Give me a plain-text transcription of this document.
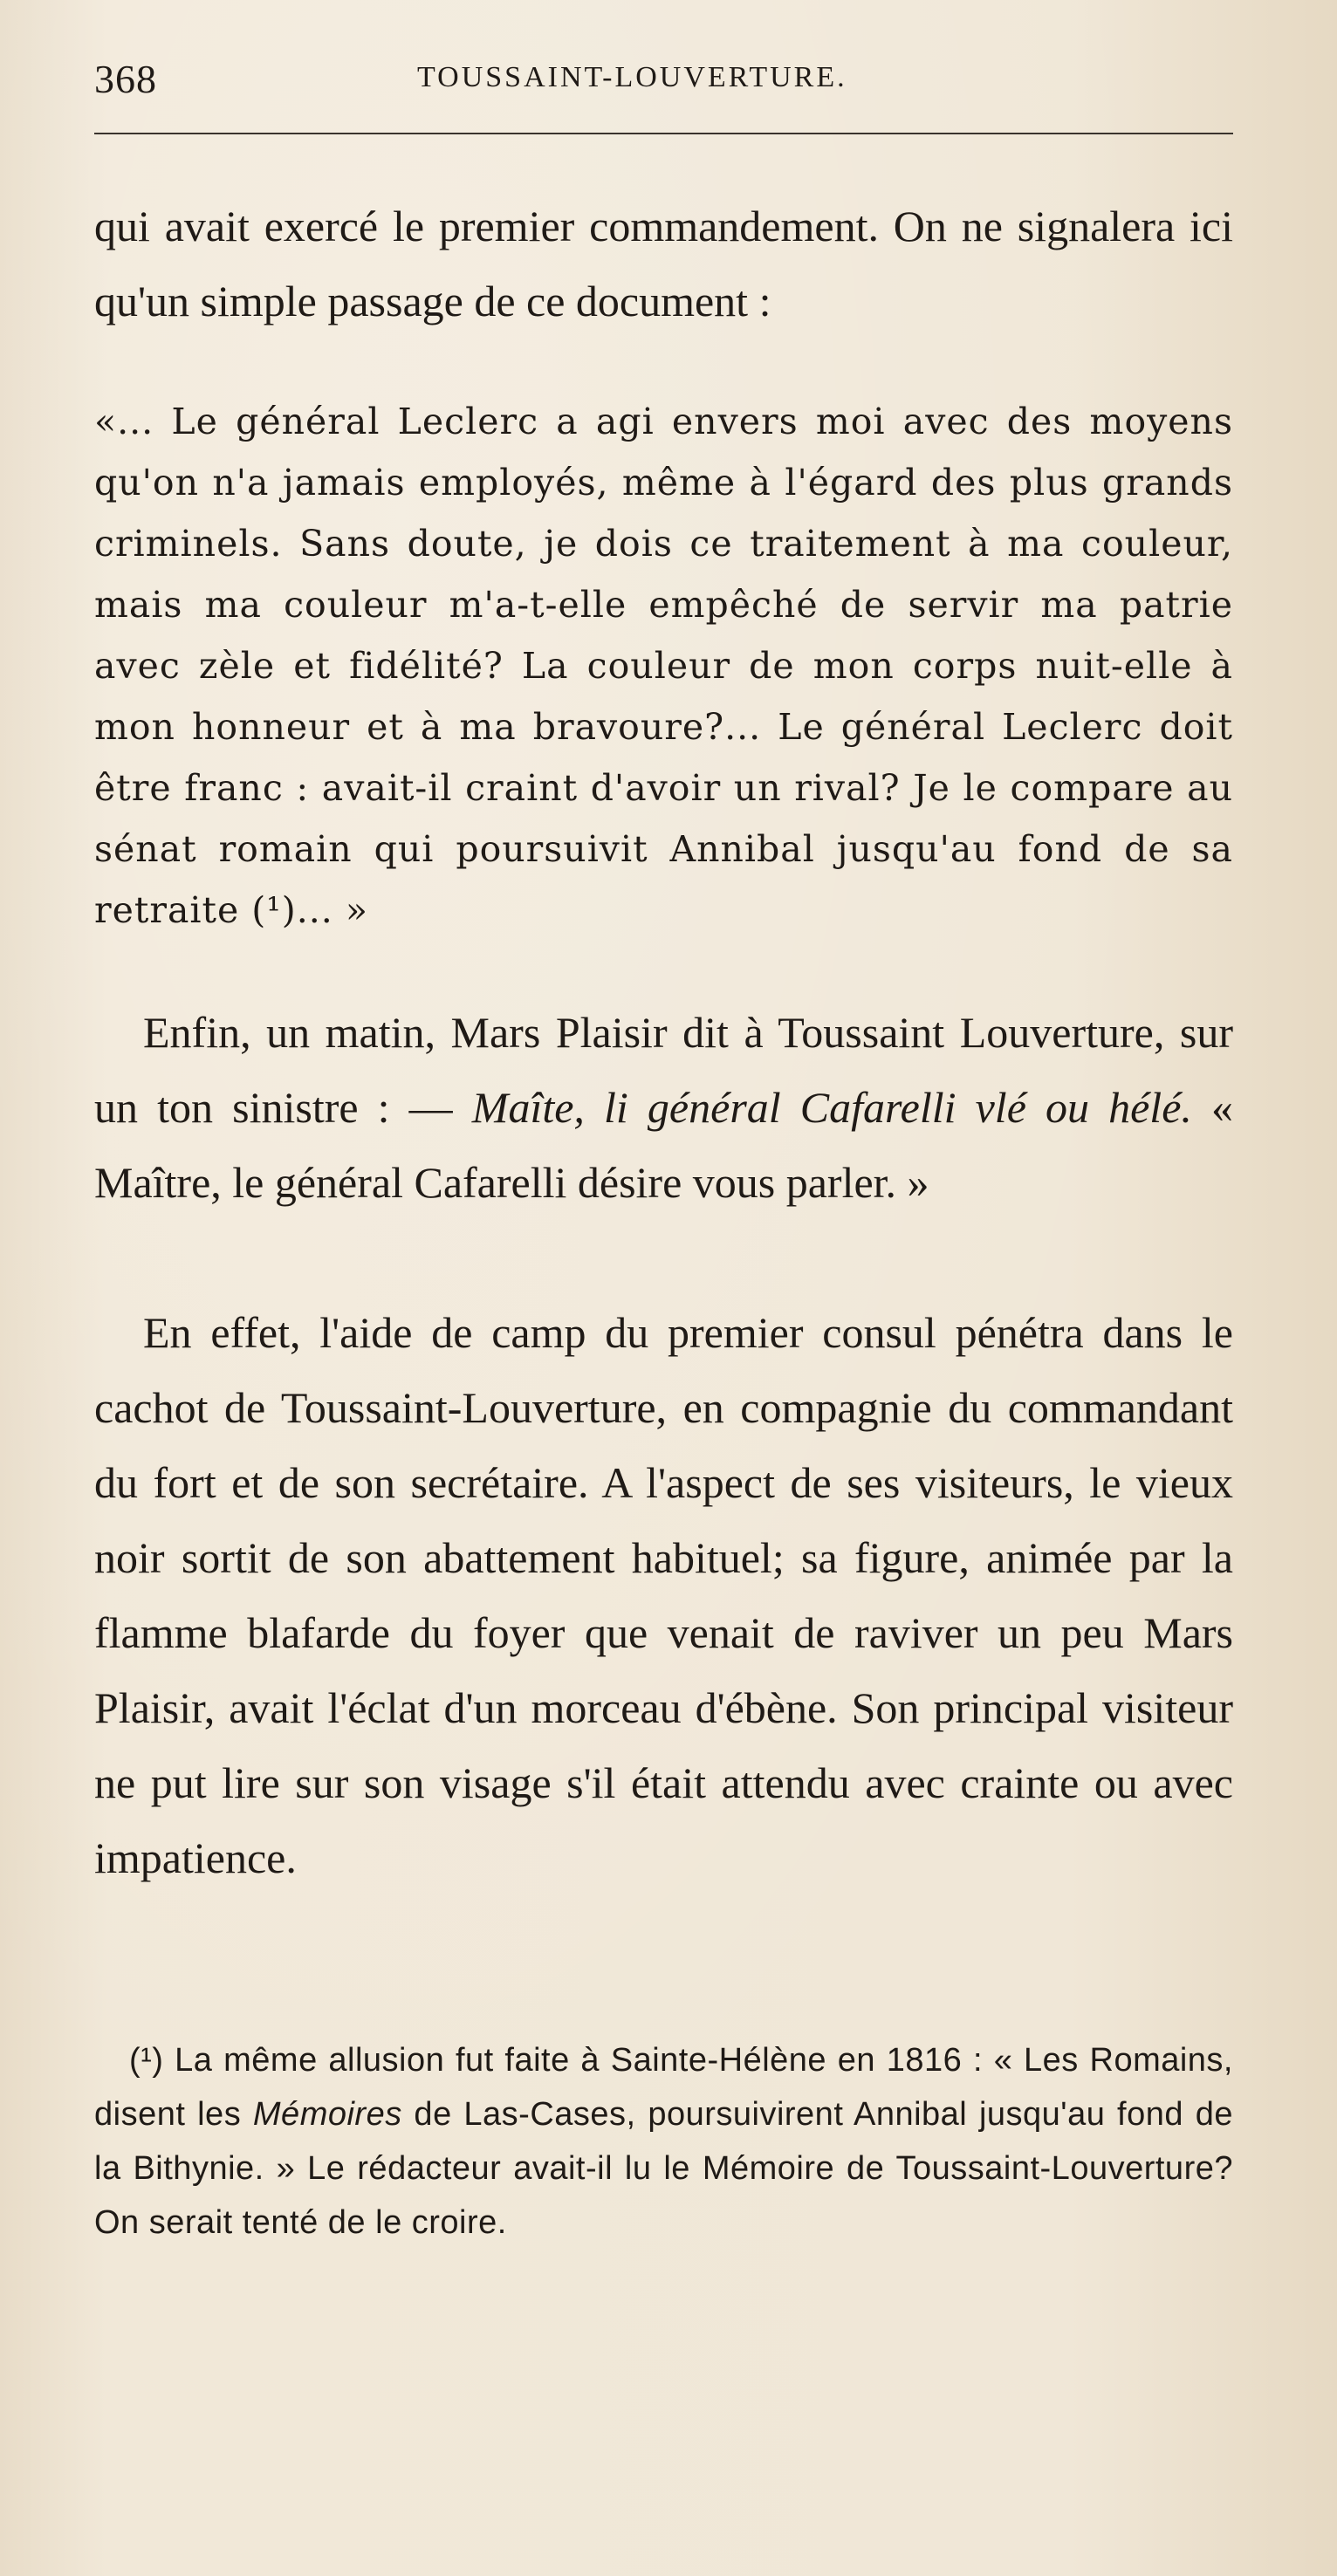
368	TOUSSAINT-LOUVERTURE.

qui avait exercé le premier commandement. On ne signalera ici qu'un simple passage de ce document :

«... Le général Leclerc a agi envers moi avec des moyens qu'on n'a jamais employés, même à l'égard des plus grands criminels. Sans doute, je dois ce traitement à ma couleur, mais ma couleur m'a-t-elle empêché de servir ma patrie avec zèle et fidélité? La couleur de mon corps nuit-elle à mon honneur et à ma bravoure?... Le général Leclerc doit être franc : avait-il craint d'avoir un rival? Je le compare au sénat romain qui poursuivit Annibal jusqu'au fond de sa retraite (¹)... »

Enfin, un matin, Mars Plaisir dit à Toussaint Louverture, sur un ton sinistre : — Maîte, li général Cafarelli vlé ou hélé. « Maître, le général Cafarelli désire vous parler. »

En effet, l'aide de camp du premier consul pénétra dans le cachot de Toussaint-Louverture, en compagnie du commandant du fort et de son secrétaire. A l'aspect de ses visiteurs, le vieux noir sortit de son abattement habituel; sa figure, animée par la flamme blafarde du foyer que venait de raviver un peu Mars Plaisir, avait l'éclat d'un morceau d'ébène. Son principal visiteur ne put lire sur son visage s'il était attendu avec crainte ou avec impatience.

(¹) La même allusion fut faite à Sainte-Hélène en 1816 : « Les Romains, disent les Mémoires de Las-Cases, poursuivirent Annibal jusqu'au fond de la Bithynie. » Le rédacteur avait-il lu le Mémoire de Toussaint-Louverture? On serait tenté de le croire.
